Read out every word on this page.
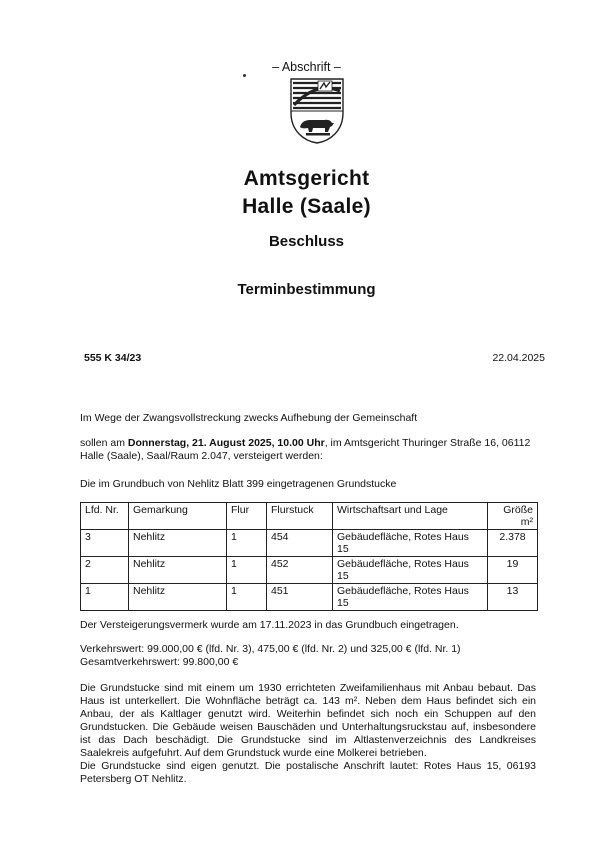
– Abschrift –
Amtsgericht
Halle (Saale)
Beschluss
Terminbestimmung
555 K 34/23	22.04.2025
Im Wege der Zwangsvollstreckung zwecks Aufhebung der Gemeinschaft
sollen am Donnerstag, 21. August 2025, 10.00 Uhr, im Amtsgericht Thuringer Straße 16, 06112 Halle (Saale), Saal/Raum 2.047, versteigert werden:
Die im Grundbuch von Nehlitz Blatt 399 eingetragenen Grundstucke
Lfd. Nr.	Gemarkung	Flur	Flurstuck	Wirtschaftsart und Lage	Größe m²
3	Nehlitz	1	454	Gebäudefläche, Rotes Haus 15	2.378
2	Nehlitz	1	452	Gebäudefläche, Rotes Haus 15	19
1	Nehlitz	1	451	Gebäudefläche, Rotes Haus 15	13
Der Versteigerungsvermerk wurde am 17.11.2023 in das Grundbuch eingetragen.
Verkehrswert: 99.000,00 € (lfd. Nr. 3), 475,00 € (lfd. Nr. 2) und 325,00 € (lfd. Nr. 1)
Gesamtverkehrswert: 99.800,00 €
Die Grundstucke sind mit einem um 1930 errichteten Zweifamilienhaus mit Anbau bebaut. Das Haus ist unterkellert. Die Wohnfläche beträgt ca. 143 m². Neben dem Haus befindet sich ein Anbau, der als Kaltlager genutzt wird. Weiterhin befindet sich noch ein Schuppen auf den Grundstucken. Die Gebäude weisen Bauschäden und Unterhaltungsruckstau auf, insbesondere ist das Dach beschädigt. Die Grundstucke sind im Altlastenverzeichnis des Landkreises Saalekreis aufgefuhrt. Auf dem Grundstuck wurde eine Molkerei betrieben.
Die Grundstucke sind eigen genutzt. Die postalische Anschrift lautet: Rotes Haus 15, 06193 Petersberg OT Nehlitz.
